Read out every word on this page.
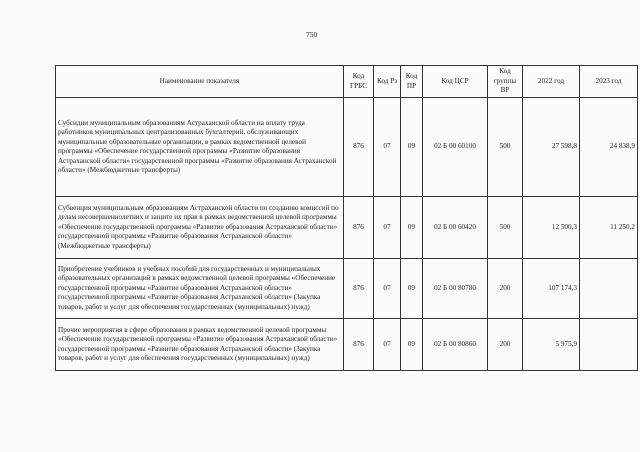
750
Наименование показателя	Код ГРБС	Код Рз	Код ПР	Код ЦСР	Код группы ВР	2022 год	2023 год
Субсидии муниципальным образованиям Астраханской области на оплату труда работников муниципальных централизованных бухгалтерий, обслуживающих муниципальные образовательные организации, в рамках ведомственной целевой программы «Обеспечение государственной программы «Развитие образования Астраханской области» государственной программы «Развитие образования Астраханской области» (Межбюджетные трансферты)	876	07	09	02 Б 00 60100	500	27 598,8	24 838,9
Субвенция муниципальным образованиям Астраханской области по созданию комиссий по делам несовершеннолетних и защите их прав в рамках ведомственной целевой программы «Обеспечение государственной программы «Развитие образования Астраханской области» государственной программы «Развитие образования Астраханской области» (Межбюджетные трансферты)	876	07	09	02 Б 00 60420	500	12 500,3	11 250,2
Приобретение учебников и учебных пособий для государственных и муниципальных образовательных организаций в рамках ведомственной целевой программы «Обеспечение государственной программы «Развитие образования Астраханской области» государственной программы «Развитие образования Астраханской области» (Закупка товаров, работ и услуг для обеспечения государственных (муниципальных) нужд)	876	07	09	02 Б 00 80780	200	107 174,3	
Прочие мероприятия в сфере образования в рамках ведомственной целевой программы «Обеспечение государственной программы «Развитие образования Астраханской области» государственной программы «Развитие образования Астраханской области» (Закупка товаров, работ и услуг для обеспечения государственных (муниципальных) нужд)	876	07	09	02 Б 00 80860	200	5 975,9	
